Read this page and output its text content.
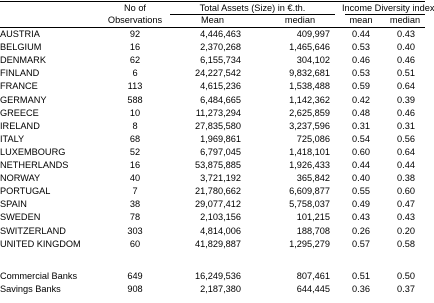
No of
Observations
Total Assets (Size) in €.th.
Mean	median
Income Diversity index
mean	median
AUSTRIA	92	4,446,463	409,997	0.44	0.43
BELGIUM	16	2,370,268	1,465,646	0.53	0.40
DENMARK	62	6,155,734	304,102	0.46	0.46
FINLAND	6	24,227,542	9,832,681	0.53	0.51
FRANCE	113	4,615,236	1,538,488	0.59	0.64
GERMANY	588	6,484,665	1,142,362	0.42	0.39
GREECE	10	11,273,294	2,625,859	0.48	0.46
IRELAND	8	27,835,580	3,237,596	0.31	0.31
ITALY	68	1,969,861	725,086	0.54	0.56
LUXEMBOURG	52	6,797,045	1,418,101	0.60	0.64
NETHERLANDS	16	53,875,885	1,926,433	0.44	0.44
NORWAY	40	3,721,192	365,842	0.40	0.38
PORTUGAL	7	21,780,662	6,609,877	0.55	0.60
SPAIN	38	29,077,412	5,758,037	0.49	0.47
SWEDEN	78	2,103,156	101,215	0.43	0.43
SWITZERLAND	303	4,814,006	188,708	0.26	0.20
UNITED KINGDOM	60	41,829,887	1,295,279	0.57	0.58
Commercial Banks	649	16,249,536	807,461	0.51	0.50
Savings Banks	908	2,187,380	644,445	0.36	0.37
